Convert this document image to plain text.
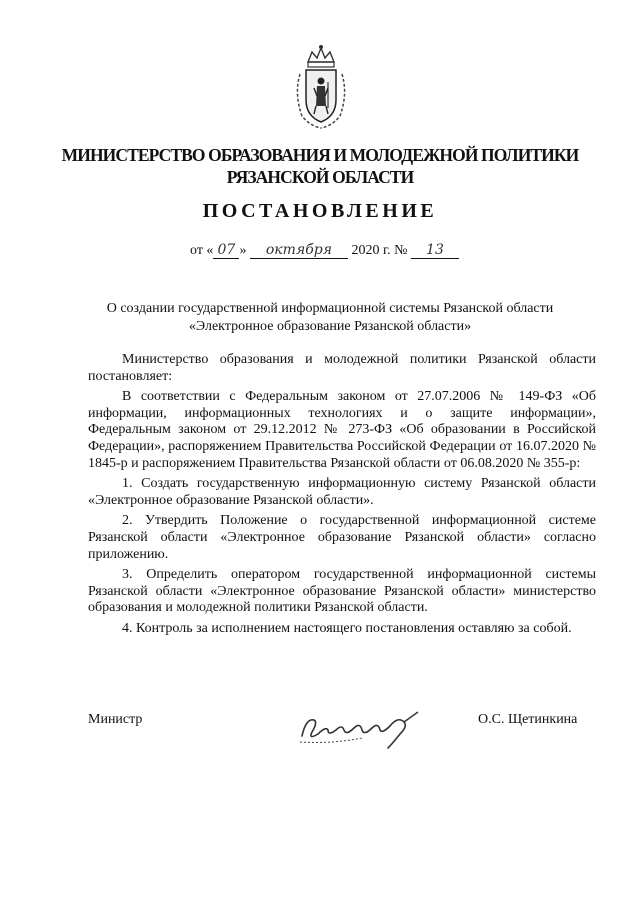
МИНИСТЕРСТВО ОБРАЗОВАНИЯ И МОЛОДЕЖНОЙ ПОЛИТИКИ
РЯЗАНСКОЙ ОБЛАСТИ
ПОСТАНОВЛЕНИЕ
от « 07 » октября 2020 г. № 13

О создании государственной информационной системы Рязанской области

«Электронное образование Рязанской области»

Министерство образования и молодежной политики Рязанской области постановляет:

В соответствии с Федеральным законом от 27.07.2006 № 149-ФЗ «Об информации, информационных технологиях и о защите информации», Федеральным законом от 29.12.2012 № 273-ФЗ «Об образовании в Российской Федерации», распоряжением Правительства Российской Федерации от 16.07.2020 № 1845-р и распоряжением Правительства Рязанской области от 06.08.2020 № 355-р:

1. Создать государственную информационную систему Рязанской области «Электронное образование Рязанской области».

2. Утвердить Положение о государственной информационной системе Рязанской области «Электронное образование Рязанской области» согласно приложению.

3. Определить оператором государственной информационной системы Рязанской области «Электронное образование Рязанской области» министерство образования и молодежной политики Рязанской области.

4. Контроль за исполнением настоящего постановления оставляю за собой.

Министр	О.С. Щетинкина
